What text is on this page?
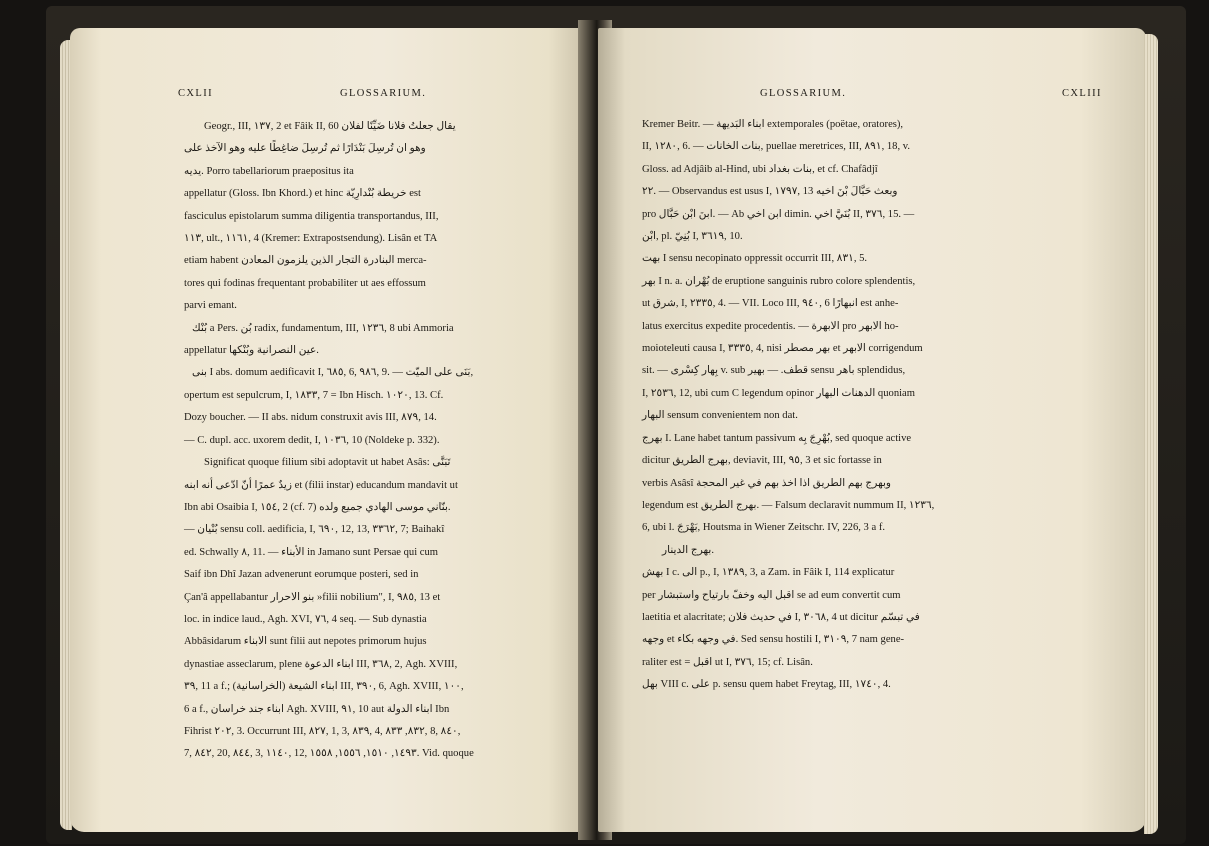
CXLII	GLOSSARIUM.
Geogr., III, ١٣٧, 2 et Fâik II, 60 يقال جعلتُ فلانا ضَيِّنًا لفلان
وهو ان تُرسِلَ بَنْدَارًا ثم تُرسِلَ ضاغِطًا عليه وهو الآخذ على
يديه. Porro tabellariorum praepositus ita
appellatur (Gloss. Ibn Khord.) et hinc خريطة بُنْدارِيّة est
fasciculus epistolarum summa diligentia transportandus, III,
١١٣, ult., ١١٦١, 4 (Kremer: Extrapostsendung). Lisân et TA
etiam habent البنادرة التجار الذين يلزمون المعادن merca-
tores qui fodinas frequentant probabiliter ut aes effossum
parvi emant.
بُنْك a Pers. بُن radix, fundamentum, III, ١٢٣٦, 8 ubi Ammoria
appellatur عين النصرانية وبُنْكها.
بنى I abs. domum aedificavit I, ٦٨٥, 6, ٩٨٦, 9. — بَنَى على الميّت,
opertum est sepulcrum, I, ١٨٣٣, 7 = Ibn Hisch. ١٠٢٠, 13. Cf.
Dozy boucher. — II abs. nidum construxit avis III, ٨٧٩, 14.
— C. dupl. acc. uxorem dedit, I, ١٠٣٦, 10 (Noldeke p. 332).
Significat quoque filium sibi adoptavit ut habet Asâs: تَبَنَّى
زيدٌ عمرًا أنّ ادّعى أنه ابنه et (filii instar) educandum mandavit ut
Ibn abi Osaibia I, ١٥٤, 2 (cf. 7) بنّاني موسى الهادي جميع ولده.
— بُنْيان sensu coll. aedificia, I, ٦٩٠, 12, 13, ٣٣٦٢, 7; Baihakî
ed. Schwally ٨, 11. — الأبناء in Jamano sunt Persae qui cum
Saif ibn Dhî Jazan advenerunt eorumque posteri, sed in
Çan'â appellabantur بنو الاحرار »filii nobilium", I, ٩٨٥, 13 et
loc. in indice laud., Agh. XVI, ٧٦, 4 seq. — Sub dynastia
Abbâsidarum الابناء sunt filii aut nepotes primorum hujus
dynastiae asseclarum, plene ابناء الدعوة III, ٣٦٨, 2, Agh. XVIII,
٣٩, 11 a f.; ابناء الشيعة (الخراسانية) III, ٣٩٠, 6, Agh. XVIII, ١٠٠,
6 a f., ابناء جند خراسان Agh. XVIII, ٩١, 10 aut ابناء الدولة Ibn
Fihrist ٢٠٢, 3. Occurrunt III, ٨٢٧, 1, 3, ٨٣٩, 4, ٨٣٢, ٨٣٣, 8, ٨٤٠,
7, ٨٤٢, 20, ٨٤٤, 3, ١١٤٠, 12, ١٤٩٣, ١٥١٠, ١٥٥٦, ١٥٥٨. Vid. quoque
GLOSSARIUM.	CXLIII
Kremer Beitr. — ابناء البَديهة extemporales (poëtae, oratores),
II, ١٢٨٠, 6. — بنات الخانات, puellae meretrices, III, ٨٩١, 18, v.
Gloss. ad Adjâib al-Hind, ubi بنات بغداد, et cf. Chafâdjî
٢٢. — Observandus est usus I, ١٧٩٧, 13 وبعث حَبَّالَ بْنَ اخيه
pro ابنَ ابْن حَبَّال. — Ab ابن اخي dimin. بُنَيَّ اخي II, ٣٧٦, 15. —
ابْن, pl. بُنِيّ I, ٣٦١٩, 10.
بهت I sensu necopinato oppressit occurrit III, ٨٣١, 5.
بهر I n. a. بُهْران de eruptione sanguinis rubro colore splendentis,
ut شرق, I, ٢٣٣٥, 4. — VII. Loco III, ٩٤٠, 6 انبهارًا est anhe-
latus exercitus expedite procedentis. — الابهرة pro الابهر ho-
moioteleuti causa I, ٣٣٣٥, 4, nisi بهر مصطر et الابهر corrigendum
sit. — بِهار كِسْرى v. sub قطف. — بهير sensu باهر splendidus,
I, ٢٥٣٦, 12, ubi cum C legendum opinor الدهنات البهار quoniam
البهار sensum convenientem non dat.
بهرج I. Lane habet tantum passivum بُهْرِجَ بِه, sed quoque active
dicitur بهرج الطريق, deviavit, III, ٩٥, 3 et sic fortasse in
verbis Asâsî وبهرج بهم الطريق اذا اخذ بهم في غير المحجة
legendum est بهرج الطريق. — Falsum declaravit nummum II, ١٢٣٦,
6, ubi l. بَهْرَجَ, Houtsma in Wiener Zeitschr. IV, 226, 3 a f.
بهرج الدينار.
بهش I c. الى p., I, ١٣٨٩, 3, a Zam. in Fâik I, 114 explicatur
per اقبل اليه وخفّ بارتياح واستبشار se ad eum convertit cum
laetitia et alacritate; في حديث فلان I, ٣٠٦٨, 4 ut dicitur في تبسّم
وجهه et في وجهه بكاء. Sed sensu hostili I, ٣١٠٩, 7 nam gene-
raliter est = اقبل ut I, ٣٧٦, 15; cf. Lisân.
بهل VIII c. على p. sensu quem habet Freytag, III, ١٧٤٠, 4.
